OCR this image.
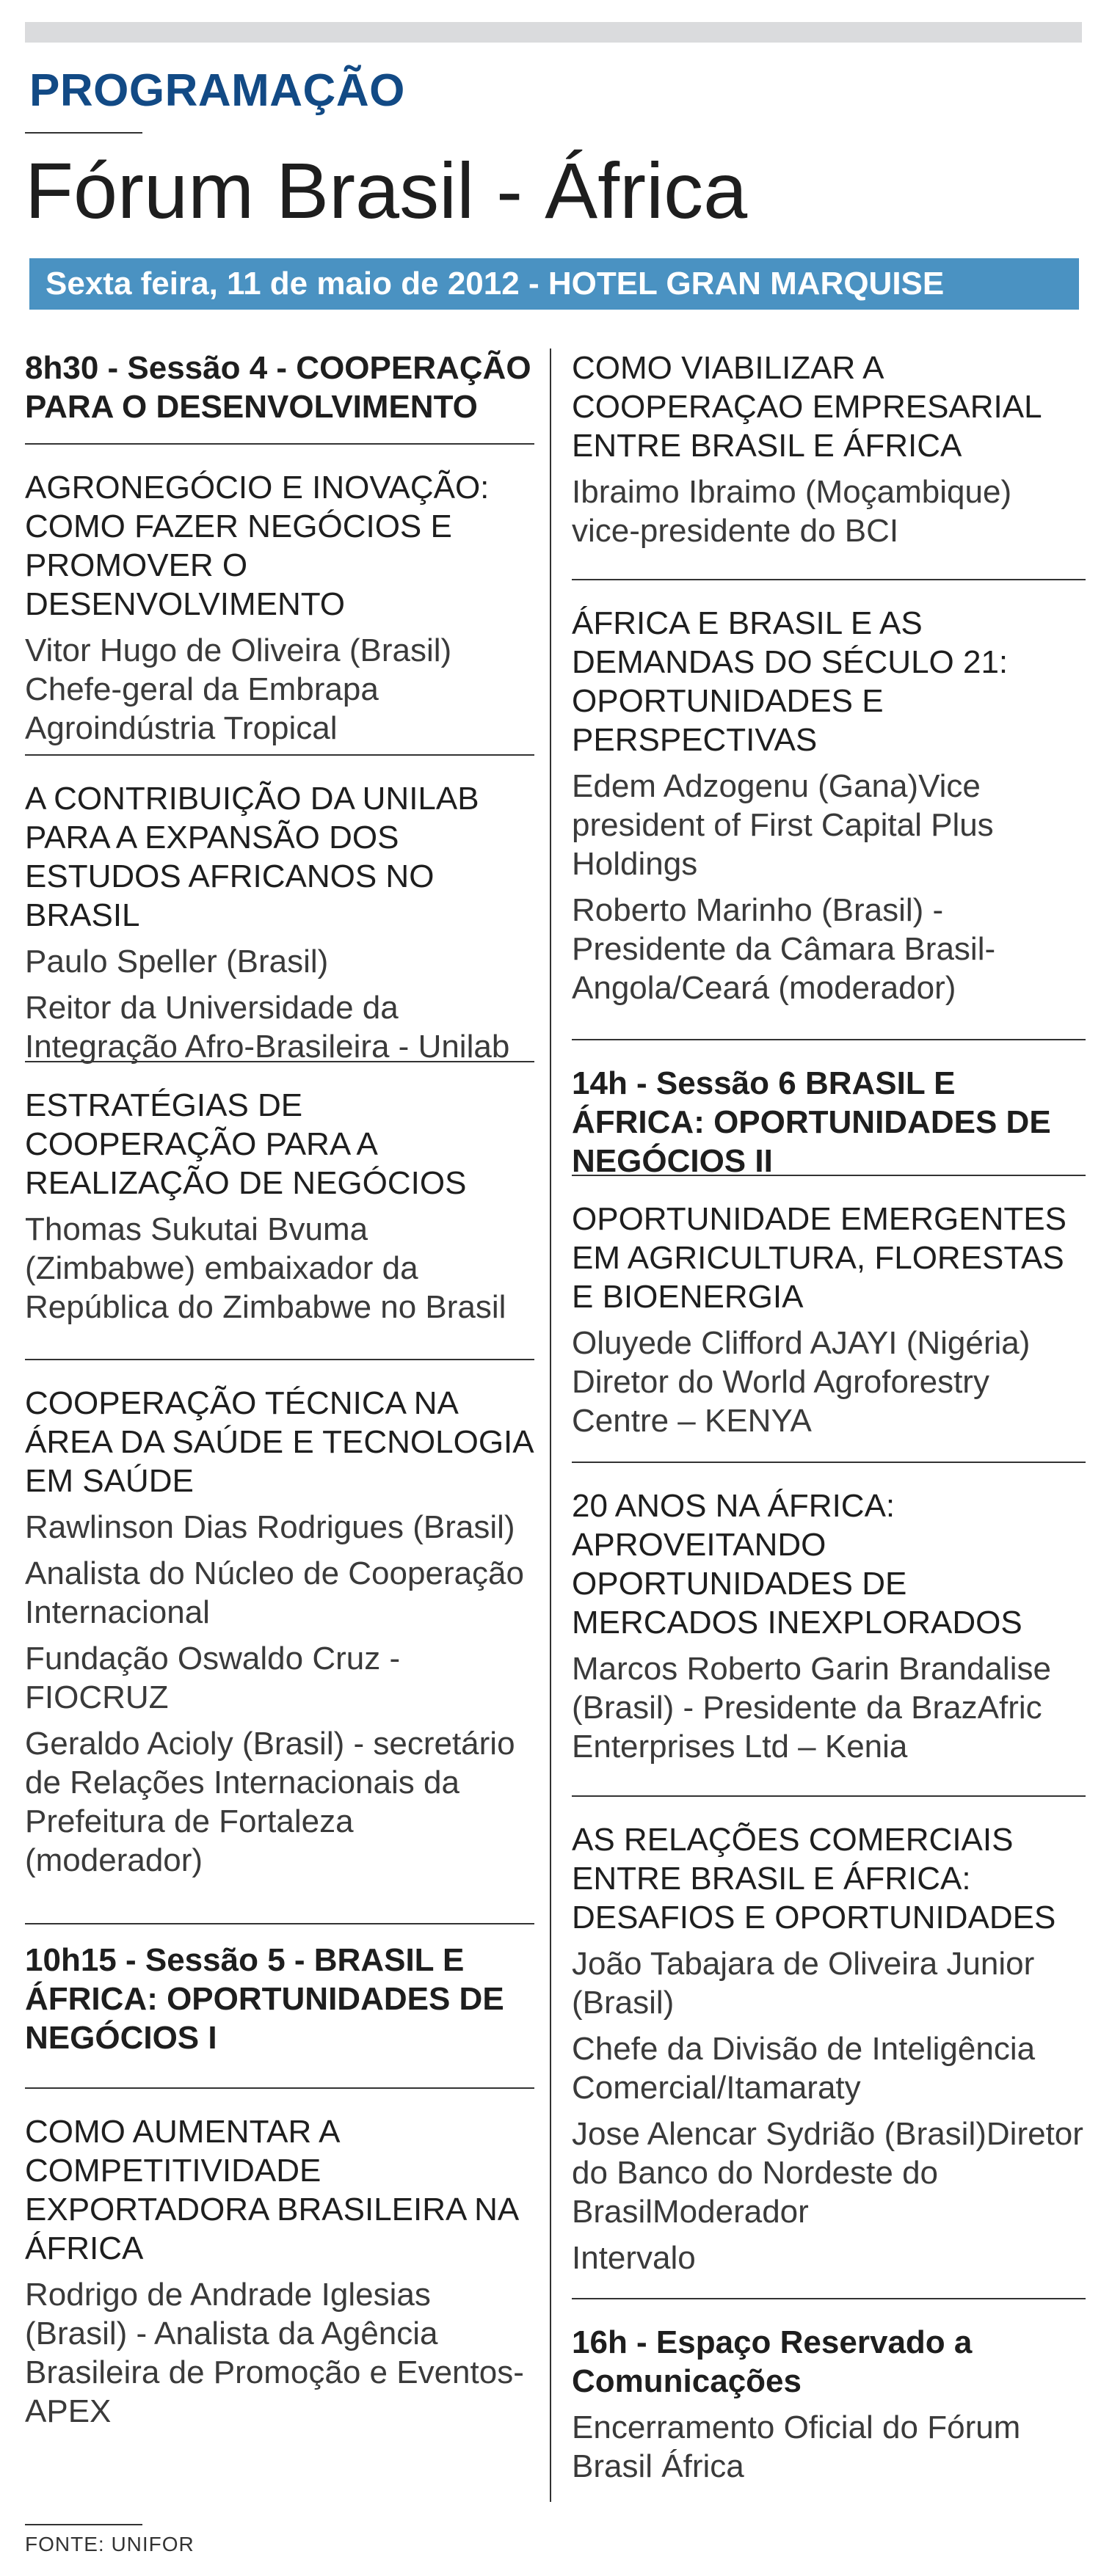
PROGRAMAÇÃO
Fórum Brasil - África
Sexta feira, 11 de maio de 2012 - HOTEL GRAN MARQUISE
8h30 - Sessão 4 - COOPERAÇÃO PARA O DESENVOLVIMENTO
AGRONEGÓCIO E INOVAÇÃO: COMO FAZER NEGÓCIOS E PROMOVER O DESENVOLVIMENTO
Vitor Hugo de Oliveira (Brasil) Chefe-geral da Embrapa Agroindústria Tropical
A CONTRIBUIÇÃO DA UNILAB PARA A EXPANSÃO DOS ESTUDOS AFRICANOS NO BRASIL
Paulo Speller (Brasil)
Reitor da Universidade da Integração Afro-Brasileira - Unilab
ESTRATÉGIAS DE COOPERAÇÃO PARA A REALIZAÇÃO DE NEGÓCIOS
Thomas Sukutai Bvuma (Zimbabwe) embaixador da República do Zimbabwe no Brasil
COOPERAÇÃO TÉCNICA NA ÁREA DA SAÚDE E TECNOLOGIA EM SAÚDE
Rawlinson Dias Rodrigues (Brasil)
Analista do Núcleo de Cooperação Internacional
Fundação Oswaldo Cruz - FIOCRUZ
Geraldo Acioly (Brasil) - secretário de Relações Internacionais da Prefeitura de Fortaleza (moderador)
10h15 - Sessão 5 - BRASIL E ÁFRICA: OPORTUNIDADES DE NEGÓCIOS I
COMO AUMENTAR A COMPETITIVIDADE EXPORTADORA BRASILEIRA NA ÁFRICA
Rodrigo de Andrade Iglesias (Brasil) - Analista da Agência Brasileira de Promoção e Eventos-APEX
COMO VIABILIZAR A COOPERAÇAO EMPRESARIAL ENTRE BRASIL E ÁFRICA
Ibraimo Ibraimo (Moçambique) vice-presidente do BCI
ÁFRICA E BRASIL E AS DEMANDAS DO SÉCULO 21: OPORTUNIDADES E PERSPECTIVAS
Edem Adzogenu (Gana)Vice president of First Capital Plus Holdings
Roberto Marinho (Brasil) - Presidente da Câmara Brasil-Angola/Ceará (moderador)
14h - Sessão 6 BRASIL E ÁFRICA: OPORTUNIDADES DE NEGÓCIOS II
OPORTUNIDADE EMERGENTES EM AGRICULTURA, FLORESTAS E BIOENERGIA
Oluyede Clifford AJAYI (Nigéria) Diretor do World Agroforestry Centre – KENYA
20 ANOS NA ÁFRICA: APROVEITANDO OPORTUNIDADES DE MERCADOS INEXPLORADOS
Marcos Roberto Garin Brandalise (Brasil) - Presidente da BrazAfric Enterprises Ltd – Kenia
AS RELAÇÕES COMERCIAIS ENTRE BRASIL E ÁFRICA: DESAFIOS E OPORTUNIDADES
João Tabajara de Oliveira Junior (Brasil)
Chefe da Divisão de Inteligência Comercial/Itamaraty
Jose Alencar Sydrião (Brasil)Diretor do Banco do Nordeste do BrasilModerador
Intervalo
16h - Espaço Reservado a Comunicações
Encerramento Oficial do Fórum Brasil África
FONTE: UNIFOR
